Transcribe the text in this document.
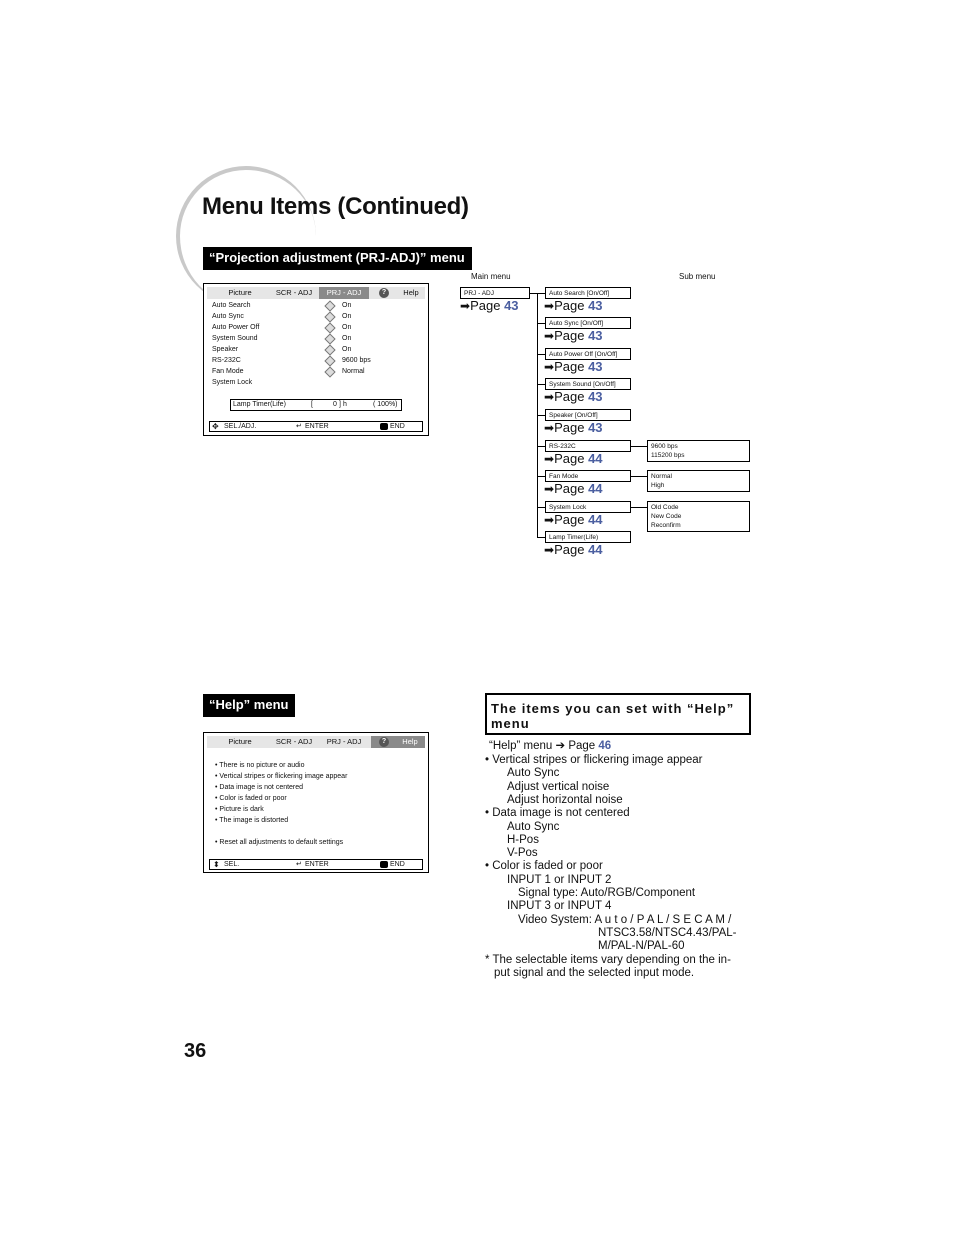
Menu Items (Continued)
“Projection adjustment (PRJ-ADJ)” menu
Picture	SCR - ADJ	PRJ - ADJ	?	Help
Auto Search	On
Auto Sync	On
Auto Power Off	On
System Sound	On
Speaker	On
RS-232C	9600 bps
Fan Mode	Normal
System Lock
Lamp Timer(Life)	[	0 ] h	( 100%)
✥ SEL./ADJ.	↵ ENTER	END
Main menu	Sub menu
PRJ - ADJ
➡Page 43
Auto Search [On/Off]
➡Page 43
Auto Sync [On/Off]
➡Page 43
Auto Power Off [On/Off]
➡Page 43
System Sound [On/Off]
➡Page 43
Speaker [On/Off]
➡Page 43
RS-232C
➡Page 44
9600 bps
115200 bps
Fan Mode
➡Page 44
Normal
High
System Lock
➡Page 44
Old Code
New Code
Reconfirm
Lamp Timer(Life)
➡Page 44
“Help” menu
Picture	SCR - ADJ	PRJ - ADJ	?	Help
• There is no picture or audio
• Vertical stripes or flickering image appear
• Data image is not centered
• Color is faded or poor
• Picture is dark
• The image is distorted
• Reset all adjustments to default settings
⬍ SEL.	↵ ENTER	END
The items you can set with “Help”
menu
“Help” menu ➔ Page 46
• Vertical stripes or flickering image appear
Auto Sync
Adjust vertical noise
Adjust horizontal noise
• Data image is not centered
Auto Sync
H-Pos
V-Pos
• Color is faded or poor
INPUT 1 or INPUT 2
Signal type: Auto/RGB/Component
INPUT 3 or INPUT 4
Video System: A u t o / P A L / S E C A M /
NTSC3.58/NTSC4.43/PAL-
M/PAL-N/PAL-60
* The selectable items vary depending on the in-
put signal and the selected input mode.
36
